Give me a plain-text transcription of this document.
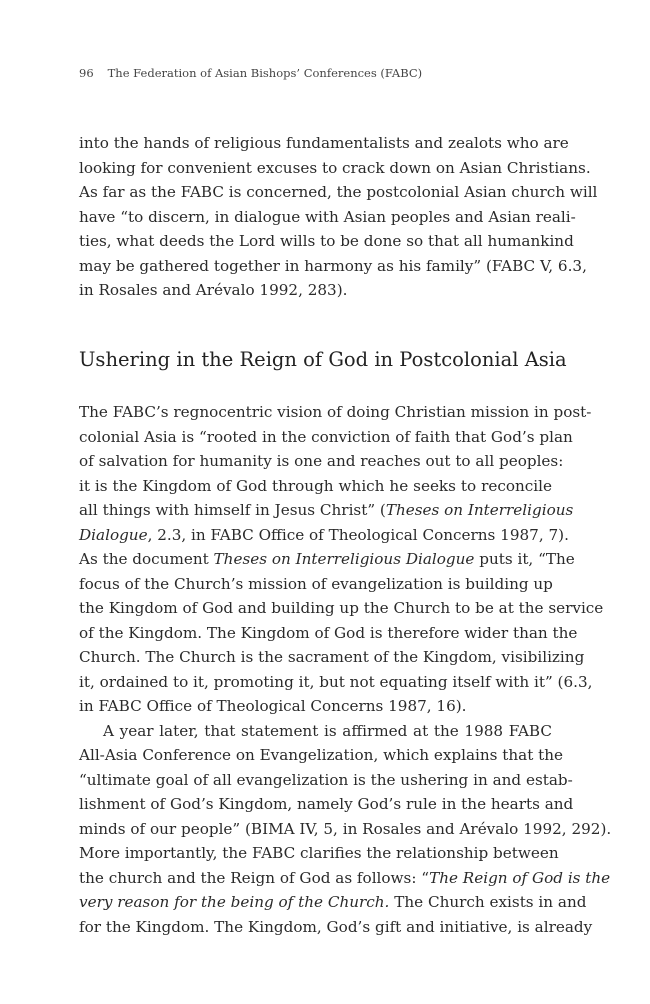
96 The Federation of Asian Bishops’ Conferences (FABC)
into the hands of religious fundamentalists and zealots who are
looking for convenient excuses to crack down on Asian Christians.
As far as the FABC is concerned, the postcolonial Asian church will
have “to discern, in dialogue with Asian peoples and Asian reali-
ties, what deeds the Lord wills to be done so that all humankind
may be gathered together in harmony as his family” (FABC V, 6.3,
in Rosales and Arévalo 1992, 283).
Ushering in the Reign of God in Postcolonial Asia
The FABC’s regnocentric vision of doing Christian mission in post-
colonial Asia is “rooted in the conviction of faith that God’s plan
of salvation for humanity is one and reaches out to all peoples:
it is the Kingdom of God through which he seeks to reconcile
all things with himself in Jesus Christ” (Theses on Interreligious
Dialogue, 2.3, in FABC Office of Theological Concerns 1987, 7).
As the document Theses on Interreligious Dialogue puts it, “The
focus of the Church’s mission of evangelization is building up
the Kingdom of God and building up the Church to be at the service
of the Kingdom. The Kingdom of God is therefore wider than the
Church. The Church is the sacrament of the Kingdom, visibilizing
it, ordained to it, promoting it, but not equating itself with it” (6.3,
in FABC Office of Theological Concerns 1987, 16).
A year later, that statement is affirmed at the 1988 FABC
All-Asia Conference on Evangelization, which explains that the
“ultimate goal of all evangelization is the ushering in and estab-
lishment of God’s Kingdom, namely God’s rule in the hearts and
minds of our people” (BIMA IV, 5, in Rosales and Arévalo 1992, 292).
More importantly, the FABC clarifies the relationship between
the church and the Reign of God as follows: “The Reign of God is the
very reason for the being of the Church. The Church exists in and
for the Kingdom. The Kingdom, God’s gift and initiative, is already
